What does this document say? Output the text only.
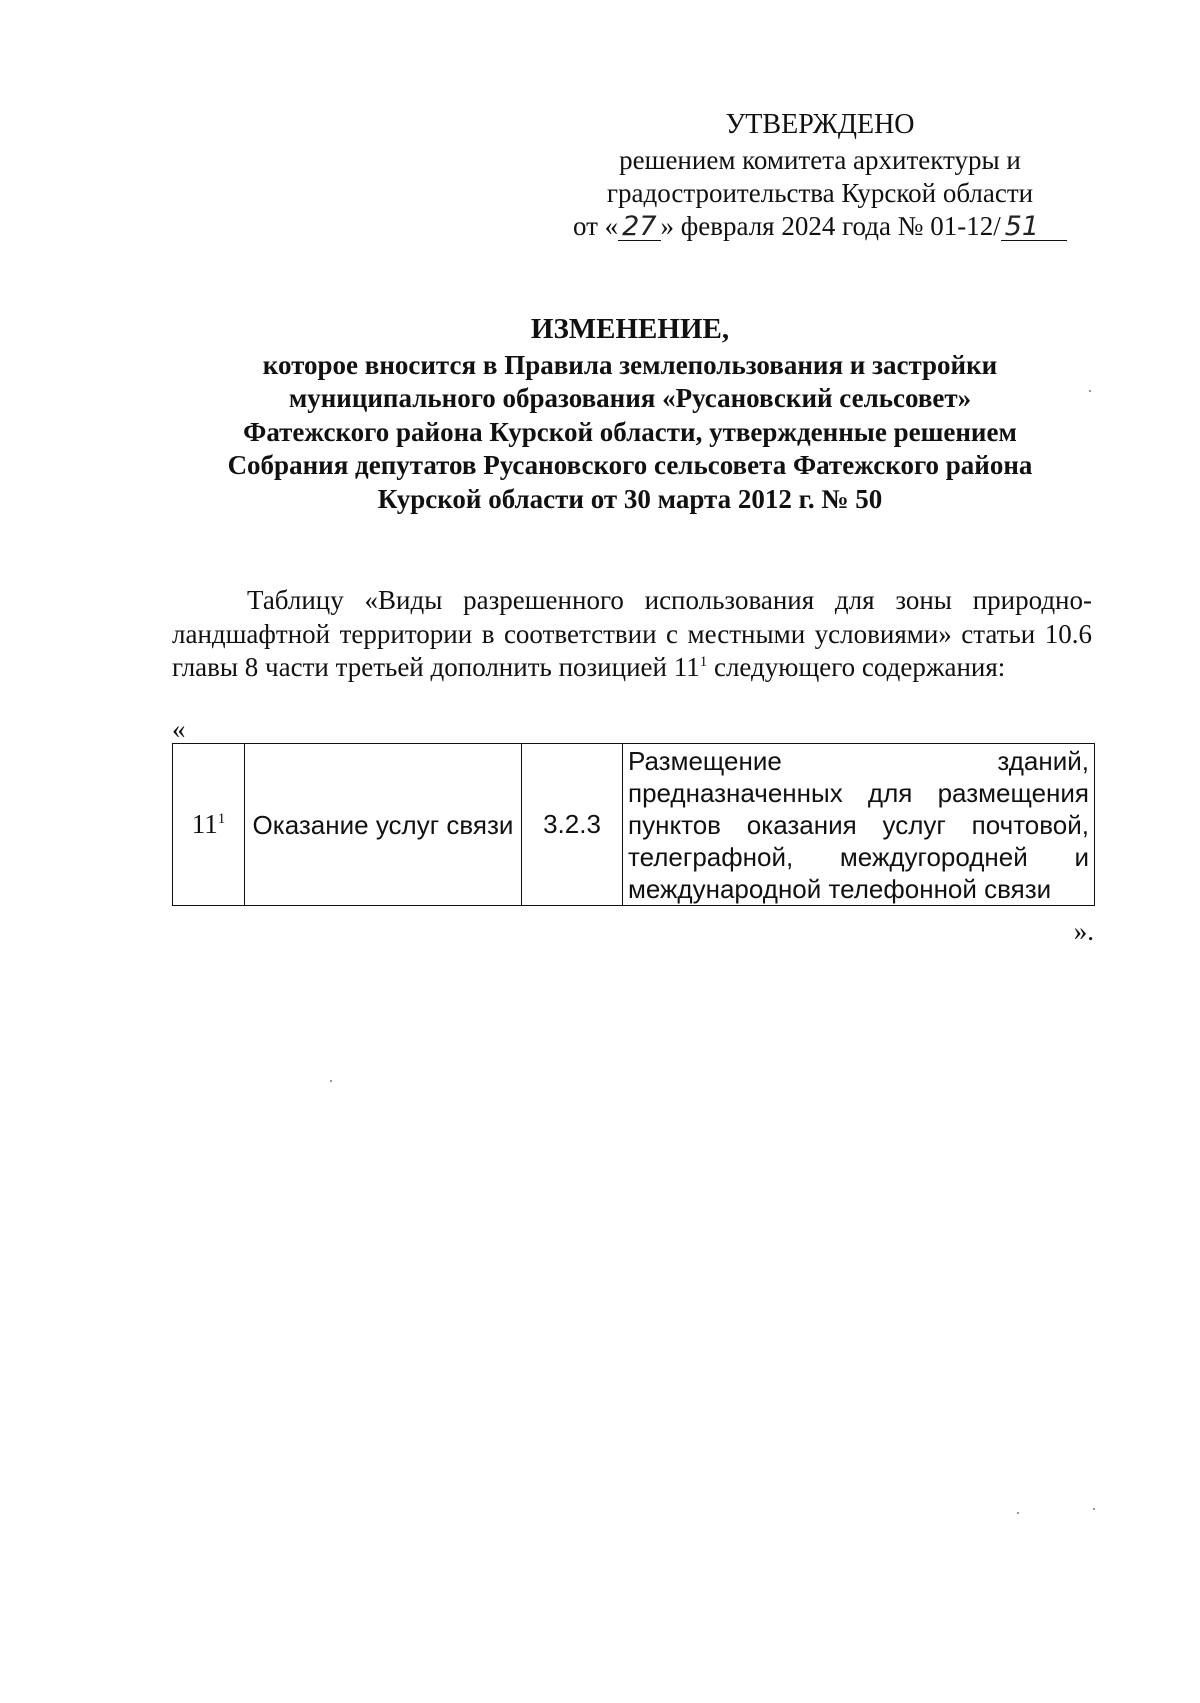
УТВЕРЖДЕНО
решением комитета архитектуры и
градостроительства Курской области
от « 27 » февраля 2024 года № 01-12/ 51
ИЗМЕНЕНИЕ,
которое вносится в Правила землепользования и застройки
муниципального образования «Русановский сельсовет»
Фатежского района Курской области, утвержденные решением
Собрания депутатов Русановского сельсовета Фатежского района
Курской области от 30 марта 2012 г. № 50
Таблицу «Виды разрешенного использования для зоны природно-ландшафтной территории в соответствии с местными условиями» статьи 10.6 главы 8 части третьей дополнить позицией $11^1$ следующего содержания:
«
$11^1$	Оказание услуг связи	3.2.3	Размещение зданий, предназначенных для размещения пунктов оказания услуг почтовой, телеграфной, междугородней и международной телефонной связи
».
